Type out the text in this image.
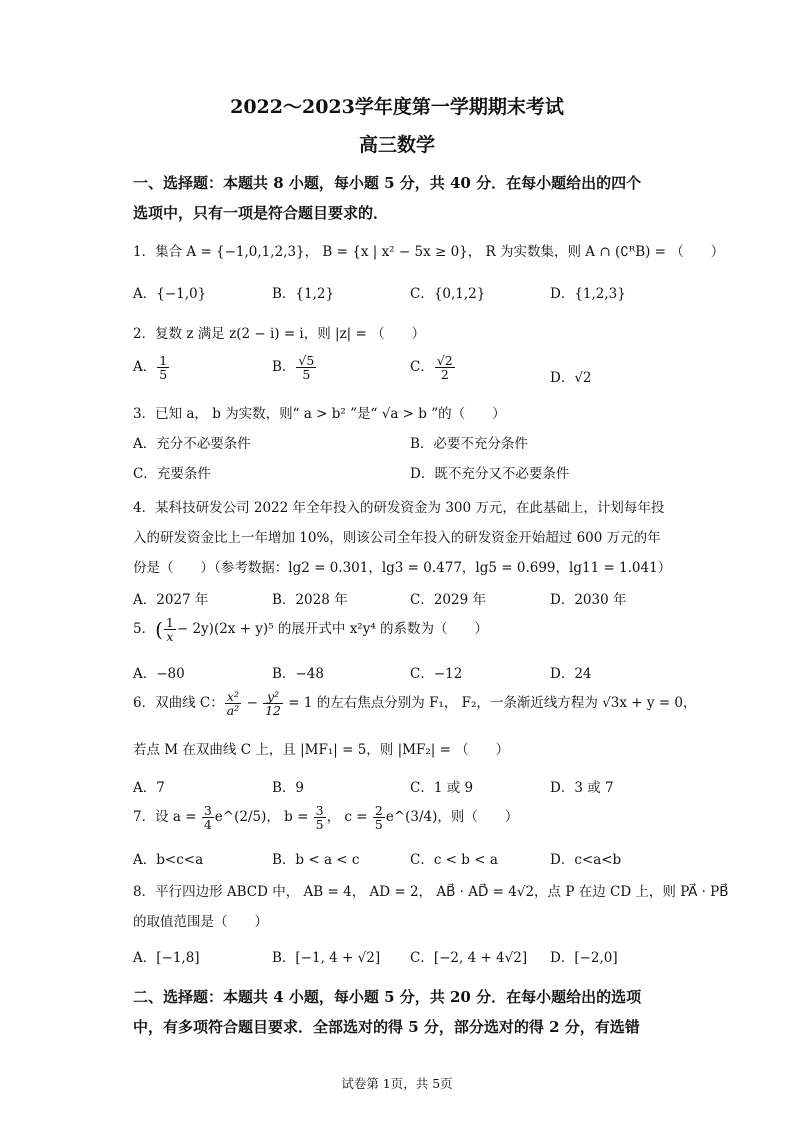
2022～2023学年度第一学期期末考试
高三数学
一、选择题：本题共 8 小题，每小题 5 分，共 40 分．在每小题给出的四个
选项中，只有一项是符合题目要求的．
1．集合 A = {−1,0,1,2,3}， B = {x | x² − 5x ≥ 0}， R 为实数集，则 A ∩ (∁ᴿB) = （　　）
A．{−1,0}	B．{1,2}	C．{0,1,2}	D．{1,2,3}
2．复数 z 满足 z(2 − i) = i，则 |z| = （　　）
A． $\frac{1}{5}$	B． $\frac{√5}{5}$	C． $\frac{√2}{2}$	D．√2
3．已知 a， b 为实数，则“ a > b² ”是“ √a > b ”的（　　）
A．充分不必要条件	B．必要不充分条件
C．充要条件	D．既不充分又不必要条件
4．某科技研发公司 2022 年全年投入的研发资金为 300 万元，在此基础上，计划每年投
入的研发资金比上一年增加 10%，则该公司全年投入的研发资金开始超过 600 万元的年
份是（　　）（参考数据：lg2 = 0.301，lg3 = 0.477，lg5 = 0.699，lg11 = 1.041）
A．2027 年	B．2028 年	C．2029 年	D．2030 年
5．( $\frac{1}{x} - 2y)(2x + y)^5$ 的展开式中 x²y⁴ 的系数为（　　）
A．−80	B．−48	C．−12	D．24
6．双曲线 C： $\frac{\text{x²}}{\text{a²}} - \frac{\text{y²}}{12} = 1$ 的左右焦点分别为 F₁， F₂，一条渐近线方程为 √3x + y = 0，
若点 M 在双曲线 C 上，且 |MF₁| = 5，则 |MF₂| = （　　）
A．7	B．9	C．1 或 9	D．3 或 7
7．设 $a = \frac{3}{4}$ e^(2/5)， $b = \frac{3}{5}$ ， $c = \frac{2}{5}$ e^(3/4)，则（　　）
A．b<c<a	B．b < a < c	C．c < b < a	D．c<a<b
8．平行四边形 ABCD 中， AB = 4， AD = 2， AB⃗ · AD⃗ = 4√2，点 P 在边 CD 上，则 PA⃗ · PB⃗
的取值范围是（　　）
A．[−1,8]	B．[−1, 4 + √2] C．[−2, 4 + 4√2] D．[−2,0]
二、选择题：本题共 4 小题，每小题 5 分，共 20 分．在每小题给出的选项
中，有多项符合题目要求．全部选对的得 5 分，部分选对的得 2 分，有选错
试卷第 1页，共 5页
